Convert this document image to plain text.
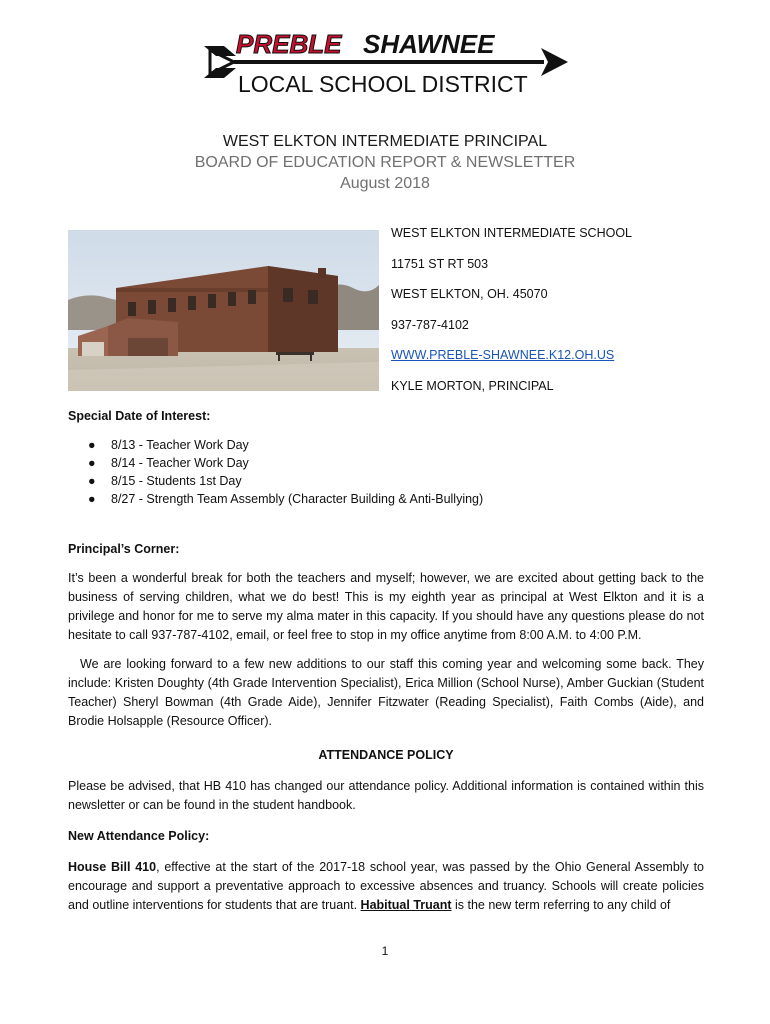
PREBLE SHAWNEE
LOCAL SCHOOL DISTRICT
WEST ELKTON INTERMEDIATE PRINCIPAL
BOARD OF EDUCATION REPORT & NEWSLETTER
August 2018
WEST ELKTON INTERMEDIATE SCHOOL
11751 ST RT 503
WEST ELKTON, OH. 45070
937-787-4102
WWW.PREBLE-SHAWNEE.K12.OH.US
KYLE MORTON, PRINCIPAL
Special Date of Interest:
● 8/13 - Teacher Work Day
● 8/14 - Teacher Work Day
● 8/15 - Students 1st Day
● 8/27 - Strength Team Assembly (Character Building & Anti-Bullying)
Principal’s Corner:

It’s been a wonderful break for both the teachers and myself; however, we are excited about getting back to the business of serving children, what we do best! This is my eighth year as principal at West Elkton and it is a privilege and honor for me to serve my alma mater in this capacity. If you should have any questions please do not hesitate to call 937-787-4102, email, or feel free to stop in my office anytime from 8:00 A.M. to 4:00 P.M.

We are looking forward to a few new additions to our staff this coming year and welcoming some back. They include: Kristen Doughty (4th Grade Intervention Specialist), Erica Million (School Nurse), Amber Guckian (Student Teacher) Sheryl Bowman (4th Grade Aide), Jennifer Fitzwater (Reading Specialist), Faith Combs (Aide), and Brodie Holsapple (Resource Officer).

ATTENDANCE POLICY

Please be advised, that HB 410 has changed our attendance policy. Additional information is contained within this newsletter or can be found in the student handbook.

New Attendance Policy:

House Bill 410, effective at the start of the 2017-18 school year, was passed by the Ohio General Assembly to encourage and support a preventative approach to excessive absences and truancy. Schools will create policies and outline interventions for students that are truant. Habitual Truant is the new term referring to any child of

1
